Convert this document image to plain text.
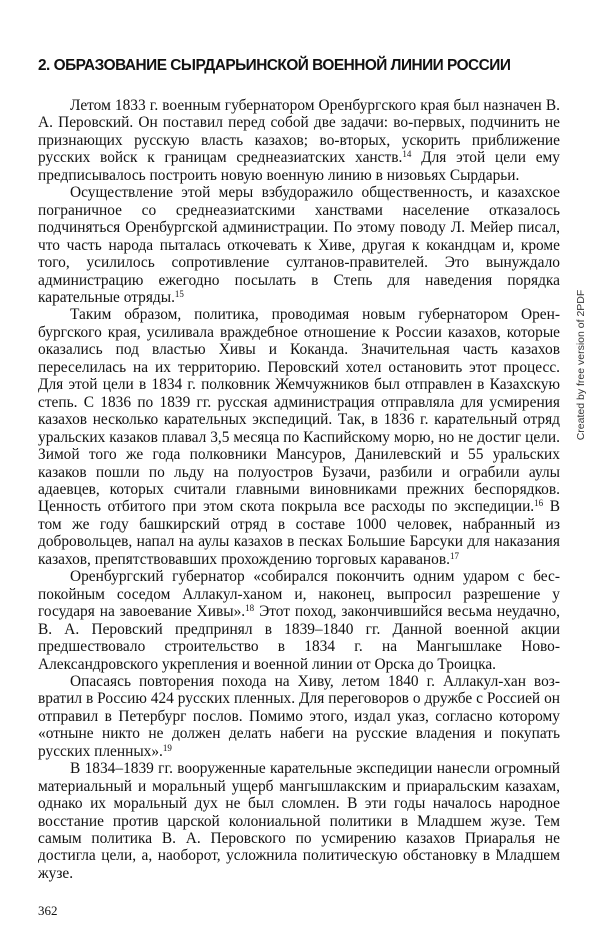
2. ОБРАЗОВАНИЕ СЫРДАРЬИНСКОЙ ВОЕННОЙ ЛИНИИ РОССИИ

Летом 1833 г. военным губернатором Оренбургского края был назначен В. А. Перовский. Он поставил перед собой две задачи: во-первых, подчинить не признающих русскую власть казахов; во-вторых, ускорить приближение русских войск к границам среднеазиатских ханств.$^{14}$ Для этой цели ему предписывалось построить новую военную линию в низовьях Сырдарьи.

Осуществление этой меры взбудоражило общественность, и казахское пограничное со среднеазиатскими ханствами население отказалось подчиняться Оренбургской администрации. По этому поводу Л. Мейер писал, что часть народа пыталась откочевать к Хиве, другая к кокандцам и, кроме того, усилилось сопротивление султанов-правителей. Это вынуждало администрацию ежегодно посылать в Степь для наведения порядка карательные отряды.$^{15}$

Таким образом, политика, проводимая новым губернатором Оренбургского края, усиливала враждебное отношение к России казахов, которые оказались под властью Хивы и Коканда. Значительная часть казахов переселилась на их территорию. Перовский хотел остановить этот процесс. Для этой цели в 1834 г. полковник Жемчужников был отправлен в Казахскую степь. С 1836 по 1839 гг. русская администрация отправляла для усмирения казахов несколько карательных экспедиций. Так, в 1836 г. карательный отряд уральских казаков плавал 3,5 месяца по Каспийскому морю, но не достиг цели. Зимой того же года полковники Мансуров, Данилевский и 55 уральских казаков пошли по льду на полуостров Бузачи, разбили и ограбили аулы адаевцев, которых считали главными виновниками прежних беспорядков. Ценность отбитого при этом скота покрыла все расходы по экспедиции.$^{16}$ В том же году башкирский отряд в составе 1000 человек, набранный из добровольцев, напал на аулы казахов в песках Большие Барсуки для наказания казахов, препятствовавших прохождению торговых караванов.$^{17}$

Оренбургский губернатор «собирался покончить одним ударом с беспокойным соседом Аллакул-ханом и, наконец, выпросил разрешение у государя на завоевание Хивы».$^{18}$ Этот поход, закончившийся весьма неудачно, В. А. Перовский предпринял в 1839–1840 гг. Данной военной акции предшествовало строительство в 1834 г. на Мангышлаке Ново-Александровского укрепления и военной линии от Орска до Троицка.

Опасаясь повторения похода на Хиву, летом 1840 г. Аллакул-хан возвратил в Россию 424 русских пленных. Для переговоров о дружбе с Россией он отправил в Петербург послов. Помимо этого, издал указ, согласно которому «отныне никто не должен делать набеги на русские владения и покупать русских пленных».$^{19}$

В 1834–1839 гг. вооруженные карательные экспедиции нанесли огромный материальный и моральный ущерб мангышлакским и приаральским казахам, однако их моральный дух не был сломлен. В эти годы началось народное восстание против царской колониальной политики в Младшем жузе. Тем самым политика В. А. Перовского по усмирению казахов Приаралья не достигла цели, а, наоборот, усложнила политическую обстановку в Младшем жузе.

Created by free version of 2PDF
362
